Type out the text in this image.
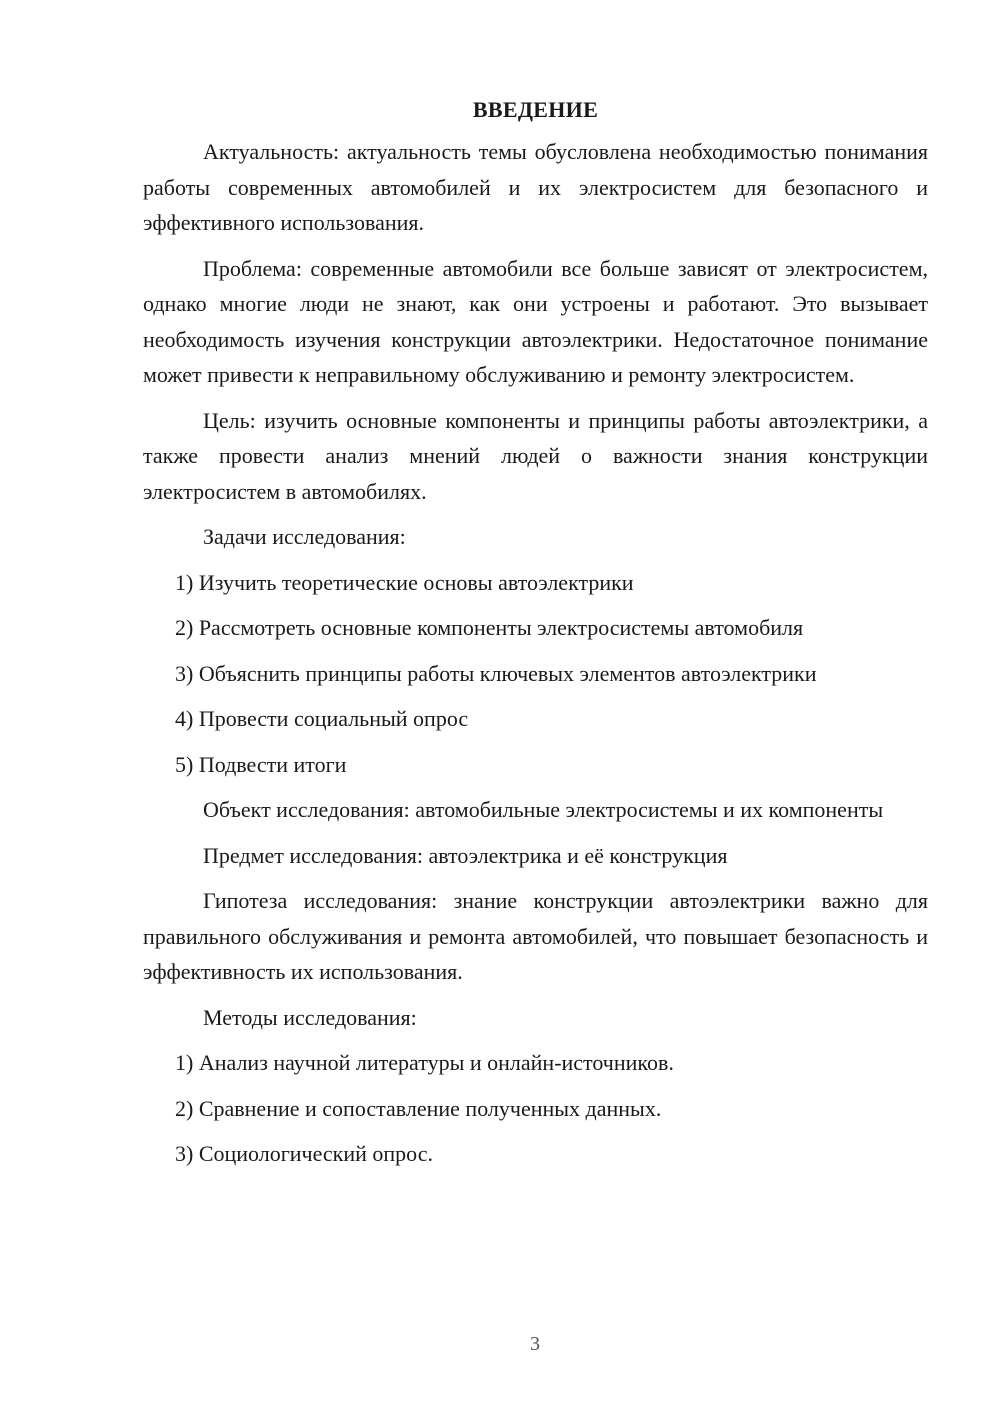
ВВЕДЕНИЕ

Актуальность: актуальность темы обусловлена необходимостью понимания работы современных автомобилей и их электросистем для безопасного и эффективного использования.

Проблема: современные автомобили все больше зависят от электросистем, однако многие люди не знают, как они устроены и работают. Это вызывает необходимость изучения конструкции автоэлектрики. Недостаточное понимание может привести к неправильному обслуживанию и ремонту электросистем.

Цель: изучить основные компоненты и принципы работы автоэлектрики, а также провести анализ мнений людей о важности знания конструкции электросистем в автомобилях.

Задачи исследования:

1) Изучить теоретические основы автоэлектрики
2) Рассмотреть основные компоненты электросистемы автомобиля
3) Объяснить принципы работы ключевых элементов автоэлектрики
4) Провести социальный опрос
5) Подвести итоги

Объект исследования: автомобильные электросистемы и их компоненты

Предмет исследования: автоэлектрика и её конструкция

Гипотеза исследования: знание конструкции автоэлектрики важно для правильного обслуживания и ремонта автомобилей, что повышает безопасность и эффективность их использования.

Методы исследования:

1) Анализ научной литературы и онлайн-источников.
2) Сравнение и сопоставление полученных данных.
3) Социологический опрос.
3
